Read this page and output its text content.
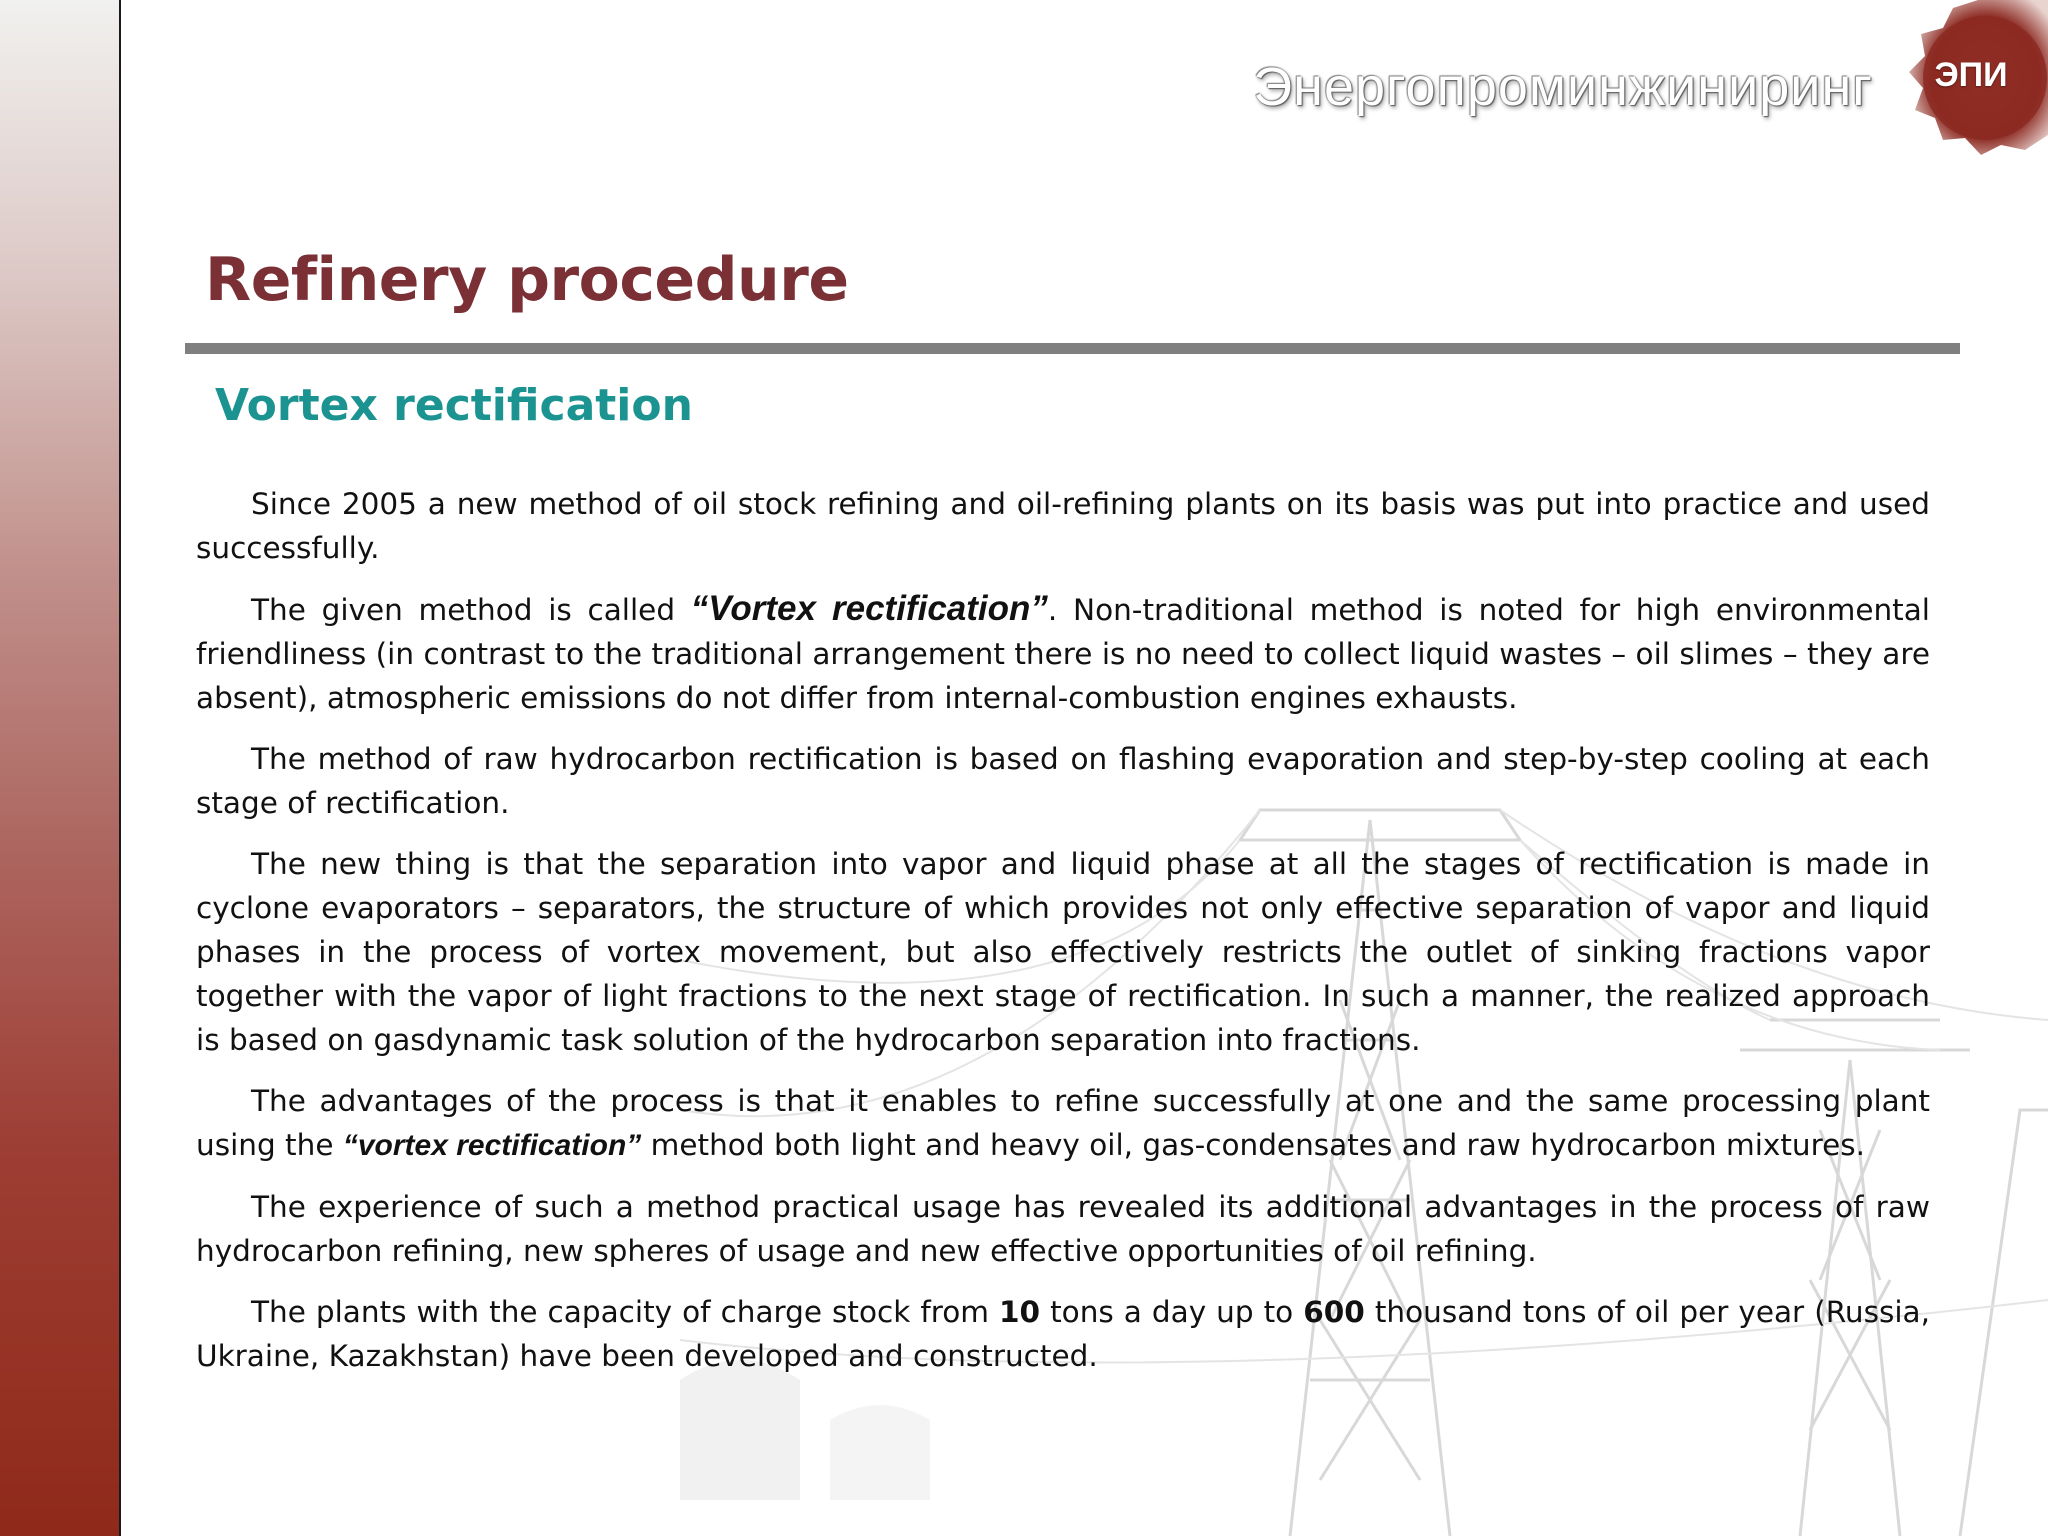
Энергопроминжиниринг ЭПИ
Refinery procedure
Vortex rectification

Since 2005 a new method of oil stock refining and oil-refining plants on its basis was put into practice and used successfully.

The given method is called “Vortex rectification”. Non-traditional method is noted for high environmental friendliness (in contrast to the traditional arrangement there is no need to collect liquid wastes – oil slimes – they are absent), atmospheric emissions do not differ from internal-combustion engines exhausts.

The method of raw hydrocarbon rectification is based on flashing evaporation and step-by-step cooling at each stage of rectification.

The new thing is that the separation into vapor and liquid phase at all the stages of rectification is made in cyclone evaporators – separators, the structure of which provides not only effective separation of vapor and liquid phases in the process of vortex movement, but also effectively restricts the outlet of sinking fractions vapor together with the vapor of light fractions to the next stage of rectification. In such a manner, the realized approach is based on gasdynamic task solution of the hydrocarbon separation into fractions.

The advantages of the process is that it enables to refine successfully at one and the same processing plant using the “vortex rectification” method both light and heavy oil, gas-condensates and raw hydrocarbon mixtures.

The experience of such a method practical usage has revealed its additional advantages in the process of raw hydrocarbon refining, new spheres of usage and new effective opportunities of oil refining.

The plants with the capacity of charge stock from 10 tons a day up to 600 thousand tons of oil per year (Russia, Ukraine, Kazakhstan) have been developed and constructed.
